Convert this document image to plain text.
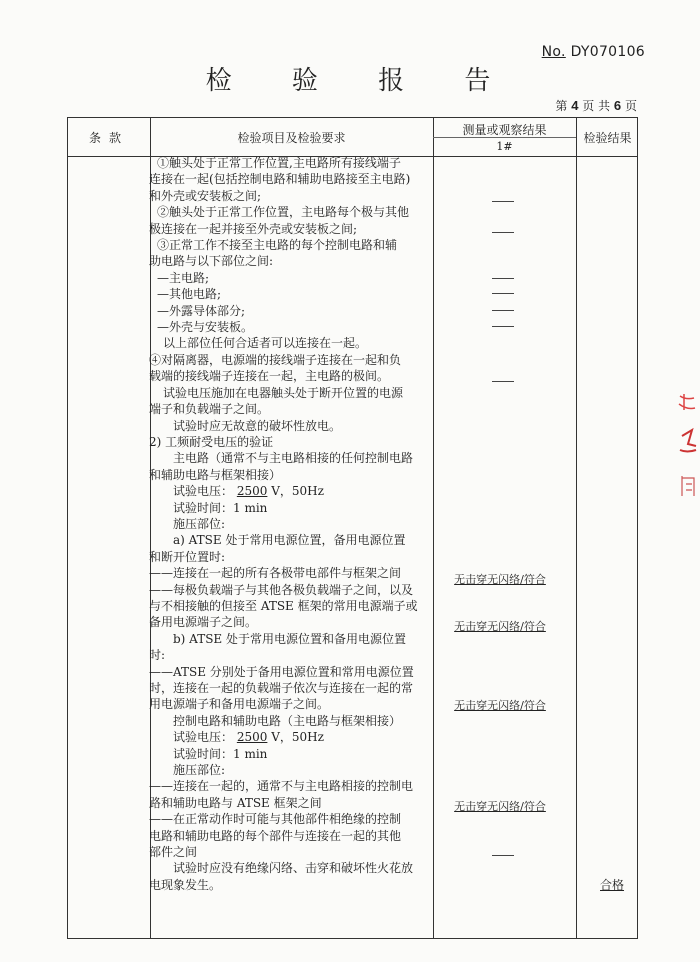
No. DY070106
检 验 报 告
第 4 页 共 6 页
条款	检验项目及检验要求
测量或观察结果
1#
检验结果

①触头处于正常工作位置,主电路所有接线端子

连接在一起(包括控制电路和辅助电路接至主电路)

和外壳或安装板之间;

②触头处于正常工作位置，主电路每个极与其他

极连接在一起并接至外壳或安装板之间;

③正常工作不接至主电路的每个控制电路和辅

助电路与以下部位之间:

—主电路;

—其他电路;

—外露导体部分;

—外壳与安装板。

以上部位任何合适者可以连接在一起。

④对隔离器，电源端的接线端子连接在一起和负

载端的接线端子连接在一起，主电路的极间。

试验电压施加在电器触头处于断开位置的电源

端子和负载端子之间。

试验时应无故意的破坏性放电。

2) 工频耐受电压的验证

主电路（通常不与主电路相接的任何控制电路

和辅助电路与框架相接）

试验电压： 2500 V，50Hz

试验时间：1 min

施压部位:

a) ATSE 处于常用电源位置，备用电源位置

和断开位置时:

——连接在一起的所有各极带电部件与框架之间

——每极负载端子与其他各极负载端子之间，以及

与不相接触的但接至 ATSE 框架的常用电源端子或

备用电源端子之间。

b) ATSE 处于常用电源位置和备用电源位置

时:

——ATSE 分别处于备用电源位置和常用电源位置

时，连接在一起的负载端子依次与连接在一起的常

用电源端子和备用电源端子之间。

控制电路和辅助电路（主电路与框架相接）

试验电压： 2500 V，50Hz

试验时间：1 min

施压部位:

——连接在一起的，通常不与主电路相接的控制电

路和辅助电路与 ATSE 框架之间

——在正常动作时可能与其他部件相绝缘的控制

电路和辅助电路的每个部件与连接在一起的其他

部件之间

试验时应没有绝缘闪络、击穿和破坏性火花放

电现象发生。

无击穿无闪络/符合
无击穿无闪络/符合
无击穿无闪络/符合
无击穿无闪络/符合
合格
